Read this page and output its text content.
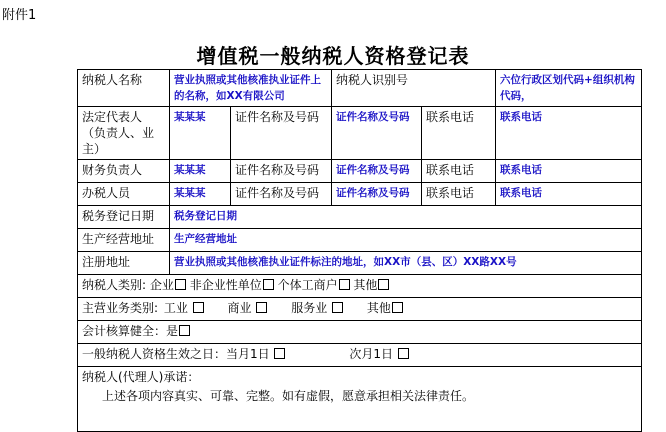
附件1
增值税一般纳税人资格登记表
纳税人名称	营业执照或其他核准执业证件上的名称，如XX有限公司		纳税人识别号		六位行政区划代码+组织机构代码，
法定代表人（负责人、业主）	某某某	证件名称及号码	证件名称及号码	联系电话	联系电话
财务负责人	某某某	证件名称及号码	证件名称及号码	联系电话	联系电话
办税人员	某某某	证件名称及号码	证件名称及号码	联系电话	联系电话
税务登记日期	税务登记日期				
生产经营地址	生产经营地址				
注册地址	营业执照或其他核准执业证件标注的地址，如XX市（县、区）XX路XX号				
纳税人类别: 企业 非企业性单位 个体工商户 其他					
主营业务类别: 工业 商业 服务业 其他					
会计核算健全：是					
一般纳税人资格生效之日：当月1日 次月1日					

纳税人(代理人)承诺：
上述各项内容真实、可靠、完整。如有虚假，愿意承担相关法律责任。					
